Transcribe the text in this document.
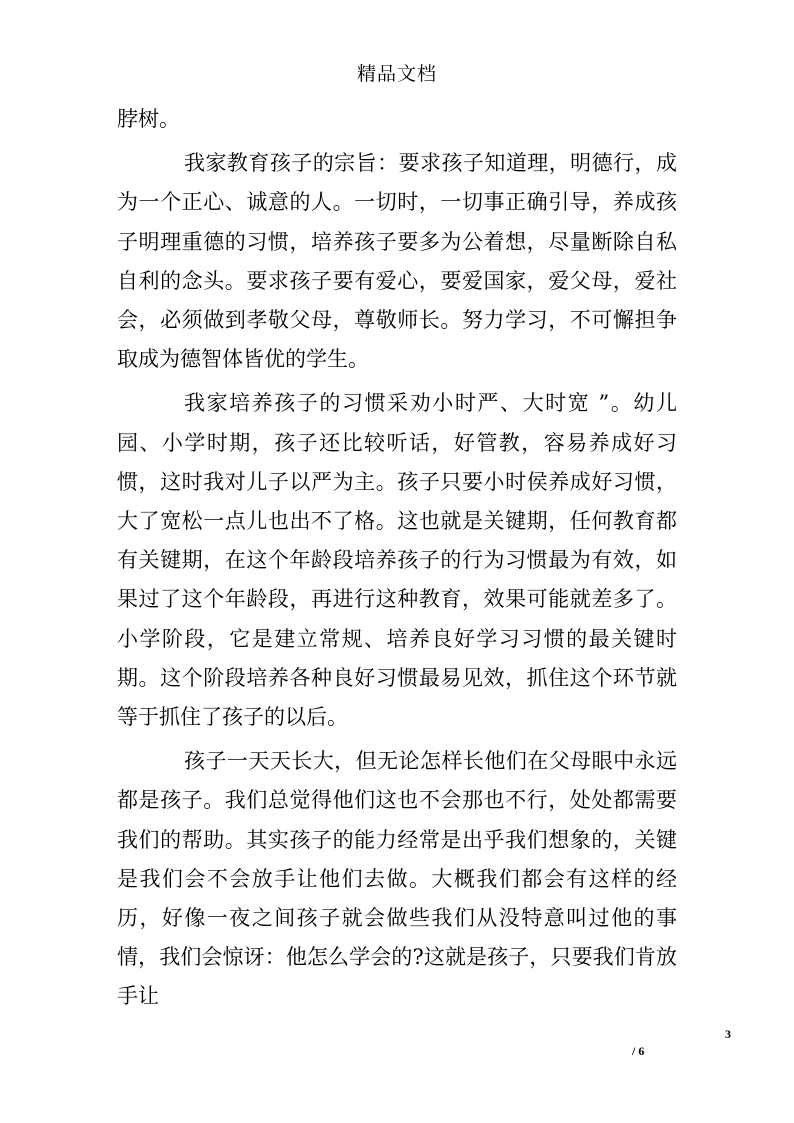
精品文档

脖树。

我家教育孩子的宗旨：要求孩子知道理，明德行，成为一个正心、诚意的人。一切时，一切事正确引导，养成孩子明理重德的习惯，培养孩子要多为公着想，尽量断除自私自利的念头。要求孩子要有爱心，要爱国家，爱父母，爱社会，必须做到孝敬父母，尊敬师长。努力学习，不可懈担争取成为德智体皆优的学生。

我家培养孩子的习惯采劝小时严、大时宽 ”。幼儿园、小学时期，孩子还比较听话，好管教，容易养成好习惯，这时我对儿子以严为主。孩子只要小时侯养成好习惯，大了宽松一点儿也出不了格。这也就是关键期，任何教育都有关键期，在这个年龄段培养孩子的行为习惯最为有效，如果过了这个年龄段，再进行这种教育，效果可能就差多了。小学阶段，它是建立常规、培养良好学习习惯的最关键时期。这个阶段培养各种良好习惯最易见效，抓住这个环节就等于抓住了孩子的以后。

孩子一天天长大，但无论怎样长他们在父母眼中永远都是孩子。我们总觉得他们这也不会那也不行，处处都需要我们的帮助。其实孩子的能力经常是出乎我们想象的，关键是我们会不会放手让他们去做。大概我们都会有这样的经历，好像一夜之间孩子就会做些我们从没特意叫过他的事情，我们会惊讶：他怎么学会的?这就是孩子，只要我们肯放手让

3
/ 6
